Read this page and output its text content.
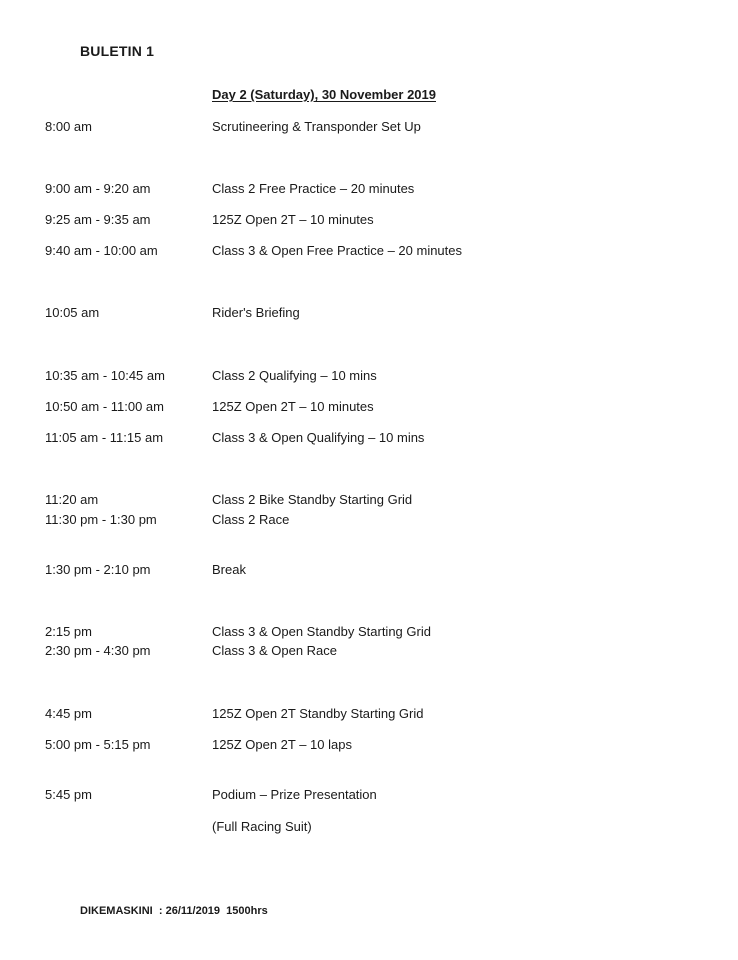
BULETIN 1
Day 2 (Saturday), 30 November 2019
8:00 am	Scrutineering & Transponder Set Up
9:00 am - 9:20 am	Class 2 Free Practice – 20 minutes
9:25 am - 9:35 am	125Z Open 2T – 10 minutes
9:40 am - 10:00 am	Class 3 & Open Free Practice – 20 minutes
10:05 am	Rider's Briefing
10:35 am - 10:45 am	Class 2 Qualifying – 10 mins
10:50 am - 11:00 am	125Z Open 2T – 10 minutes
11:05 am - 11:15 am	Class 3 & Open Qualifying – 10 mins
11:20 am	Class 2 Bike Standby Starting Grid
11:30 pm - 1:30 pm	Class 2 Race
1:30 pm - 2:10 pm	Break
2:15 pm	Class 3 & Open Standby Starting Grid
2:30 pm - 4:30 pm	Class 3 & Open Race
4:45 pm	125Z Open 2T Standby Starting Grid
5:00 pm - 5:15 pm	125Z Open 2T – 10 laps
5:45 pm	Podium – Prize Presentation
(Full Racing Suit)
DIKEMASKINI : 26/11/2019 1500hrs
